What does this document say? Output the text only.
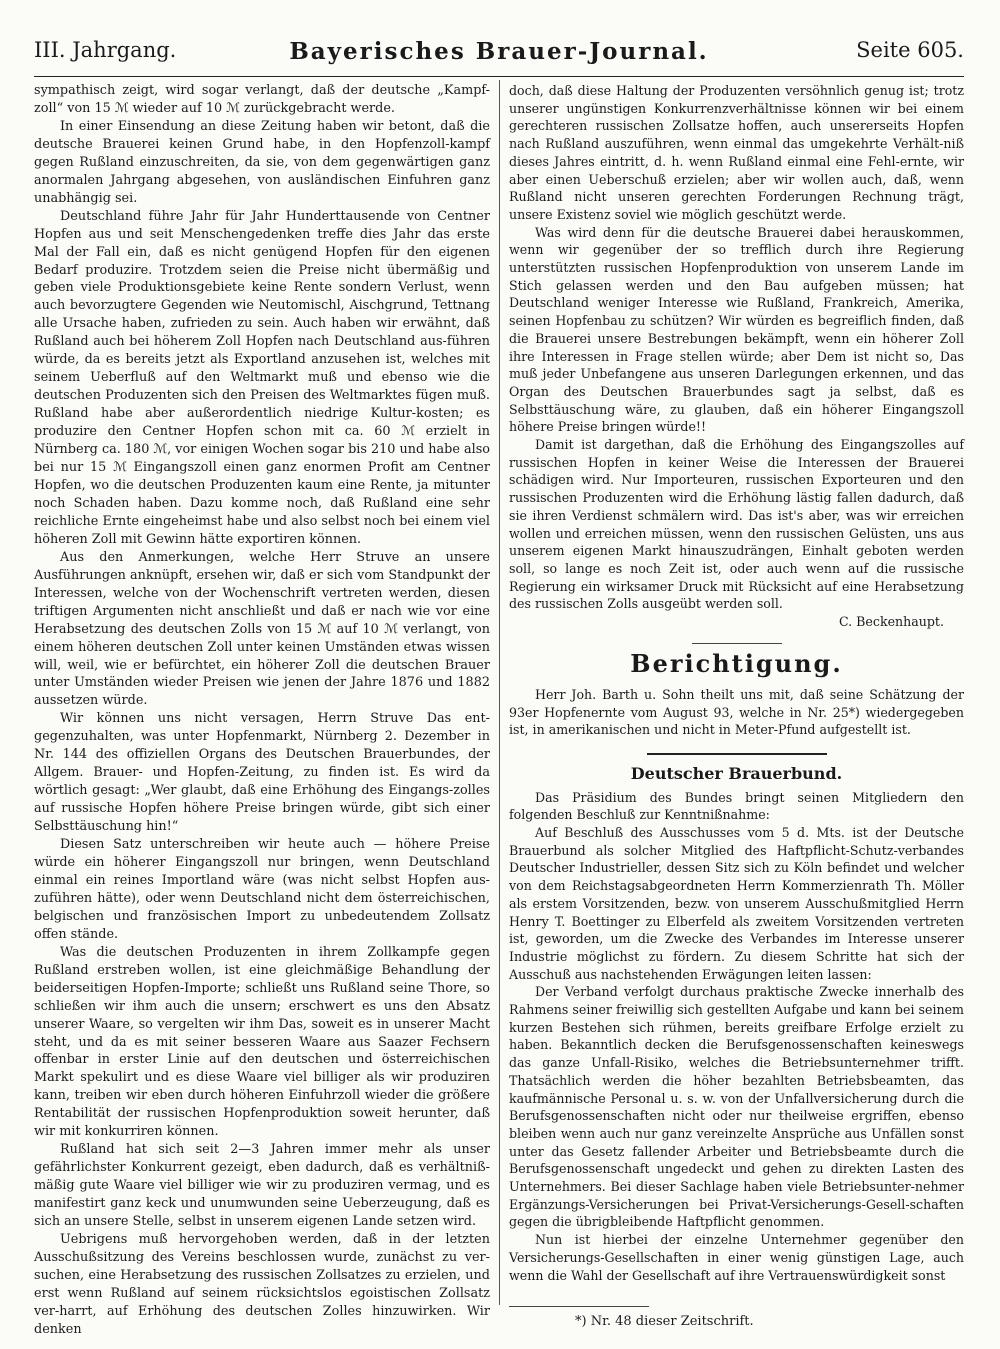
III. Jahrgang.	Bayerisches Brauer-Journal.	Seite 605.

sympathisch zeigt, wird sogar verlangt, daß der deutsche „Kampf-zoll“ von 15 ℳ wieder auf 10 ℳ zurückgebracht werde.

In einer Einsendung an diese Zeitung haben wir betont, daß die deutsche Brauerei keinen Grund habe, in den Hopfenzoll-kampf gegen Rußland einzuschreiten, da sie, von dem gegenwärtigen ganz anormalen Jahrgang abgesehen, von ausländischen Einfuhren ganz unabhängig sei.

Deutschland führe Jahr für Jahr Hunderttausende von Centner Hopfen aus und seit Menschengedenken treffe dies Jahr das erste Mal der Fall ein, daß es nicht genügend Hopfen für den eigenen Bedarf produzire. Trotzdem seien die Preise nicht übermäßig und geben viele Produktionsgebiete keine Rente sondern Verlust, wenn auch bevorzugtere Gegenden wie Neutomischl, Aischgrund, Tettnang alle Ursache haben, zufrieden zu sein. Auch haben wir erwähnt, daß Rußland auch bei höherem Zoll Hopfen nach Deutschland aus-führen würde, da es bereits jetzt als Exportland anzusehen ist, welches mit seinem Ueberfluß auf den Weltmarkt muß und ebenso wie die deutschen Produzenten sich den Preisen des Weltmarktes fügen muß. Rußland habe aber außerordentlich niedrige Kultur-kosten; es produzire den Centner Hopfen schon mit ca. 60 ℳ erzielt in Nürnberg ca. 180 ℳ, vor einigen Wochen sogar bis 210 und habe also bei nur 15 ℳ Eingangszoll einen ganz enormen Profit am Centner Hopfen, wo die deutschen Produzenten kaum eine Rente, ja mitunter noch Schaden haben. Dazu komme noch, daß Rußland eine sehr reichliche Ernte eingeheimst habe und also selbst noch bei einem viel höheren Zoll mit Gewinn hätte exportiren können.

Aus den Anmerkungen, welche Herr Struve an unsere Ausführungen anknüpft, ersehen wir, daß er sich vom Standpunkt der Interessen, welche von der Wochenschrift vertreten werden, diesen triftigen Argumenten nicht anschließt und daß er nach wie vor eine Herabsetzung des deutschen Zolls von 15 ℳ auf 10 ℳ verlangt, von einem höheren deutschen Zoll unter keinen Umständen etwas wissen will, weil, wie er befürchtet, ein höherer Zoll die deutschen Brauer unter Umständen wieder Preisen wie jenen der Jahre 1876 und 1882 aussetzen würde.

Wir können uns nicht versagen, Herrn Struve Das ent-gegenzuhalten, was unter Hopfenmarkt, Nürnberg 2. Dezember in Nr. 144 des offiziellen Organs des Deutschen Brauerbundes, der Allgem. Brauer- und Hopfen-Zeitung, zu finden ist. Es wird da wörtlich gesagt: „Wer glaubt, daß eine Erhöhung des Eingangs-zolles auf russische Hopfen höhere Preise bringen würde, gibt sich einer Selbsttäuschung hin!“

Diesen Satz unterschreiben wir heute auch — höhere Preise würde ein höherer Eingangszoll nur bringen, wenn Deutschland einmal ein reines Importland wäre (was nicht selbst Hopfen aus-zuführen hätte), oder wenn Deutschland nicht dem österreichischen, belgischen und französischen Import zu unbedeutendem Zollsatz offen stände.

Was die deutschen Produzenten in ihrem Zollkampfe gegen Rußland erstreben wollen, ist eine gleichmäßige Behandlung der beiderseitigen Hopfen-Importe; schließt uns Rußland seine Thore, so schließen wir ihm auch die unsern; erschwert es uns den Absatz unserer Waare, so vergelten wir ihm Das, soweit es in unserer Macht steht, und da es mit seiner besseren Waare aus Saazer Fechsern offenbar in erster Linie auf den deutschen und österreichischen Markt spekulirt und es diese Waare viel billiger als wir produziren kann, treiben wir eben durch höheren Einfuhrzoll wieder die größere Rentabilität der russischen Hopfenproduktion soweit herunter, daß wir mit konkurriren können.

Rußland hat sich seit 2—3 Jahren immer mehr als unser gefährlichster Konkurrent gezeigt, eben dadurch, daß es verhältniß-mäßig gute Waare viel billiger wie wir zu produziren vermag, und es manifestirt ganz keck und unumwunden seine Ueberzeugung, daß es sich an unsere Stelle, selbst in unserem eigenen Lande setzen wird.

Uebrigens muß hervorgehoben werden, daß in der letzten Ausschußsitzung des Vereins beschlossen wurde, zunächst zu ver-suchen, eine Herabsetzung des russischen Zollsatzes zu erzielen, und erst wenn Rußland auf seinem rücksichtslos egoistischen Zollsatz ver-harrt, auf Erhöhung des deutschen Zolles hinzuwirken. Wir denken

doch, daß diese Haltung der Produzenten versöhnlich genug ist; trotz unserer ungünstigen Konkurrenzverhältnisse können wir bei einem gerechteren russischen Zollsatze hoffen, auch unsererseits Hopfen nach Rußland auszuführen, wenn einmal das umgekehrte Verhält-niß dieses Jahres eintritt, d. h. wenn Rußland einmal eine Fehl-ernte, wir aber einen Ueberschuß erzielen; aber wir wollen auch, daß, wenn Rußland nicht unseren gerechten Forderungen Rechnung trägt, unsere Existenz soviel wie möglich geschützt werde.

Was wird denn für die deutsche Brauerei dabei herauskommen, wenn wir gegenüber der so trefflich durch ihre Regierung unterstützten russischen Hopfenproduktion von unserem Lande im Stich gelassen werden und den Bau aufgeben müssen; hat Deutschland weniger Interesse wie Rußland, Frankreich, Amerika, seinen Hopfenbau zu schützen? Wir würden es begreiflich finden, daß die Brauerei unsere Bestrebungen bekämpft, wenn ein höherer Zoll ihre Interessen in Frage stellen würde; aber Dem ist nicht so, Das muß jeder Unbefangene aus unseren Darlegungen erkennen, und das Organ des Deutschen Brauerbundes sagt ja selbst, daß es Selbsttäuschung wäre, zu glauben, daß ein höherer Eingangszoll höhere Preise bringen würde!!

Damit ist dargethan, daß die Erhöhung des Eingangszolles auf russischen Hopfen in keiner Weise die Interessen der Brauerei schädigen wird. Nur Importeuren, russischen Exporteuren und den russischen Produzenten wird die Erhöhung lästig fallen dadurch, daß sie ihren Verdienst schmälern wird. Das ist's aber, was wir erreichen wollen und erreichen müssen, wenn den russischen Gelüsten, uns aus unserem eigenen Markt hinauszudrängen, Einhalt geboten werden soll, so lange es noch Zeit ist, oder auch wenn auf die russische Regierung ein wirksamer Druck mit Rücksicht auf eine Herabsetzung des russischen Zolls ausgeübt werden soll.

C. Beckenhaupt.

Berichtigung.

Herr Joh. Barth u. Sohn theilt uns mit, daß seine Schätzung der 93er Hopfenernte vom August 93, welche in Nr. 25*) wiedergegeben ist, in amerikanischen und nicht in Meter-Pfund aufgestellt ist.

Deutscher Brauerbund.

Das Präsidium des Bundes bringt seinen Mitgliedern den folgenden Beschluß zur Kenntnißnahme:

Auf Beschluß des Ausschusses vom 5 d. Mts. ist der Deutsche Brauerbund als solcher Mitglied des Haftpflicht-Schutz-verbandes Deutscher Industrieller, dessen Sitz sich zu Köln befindet und welcher von dem Reichstagsabgeordneten Herrn Kommerzienrath Th. Möller als erstem Vorsitzenden, bezw. von unserem Ausschußmitglied Herrn Henry T. Boettinger zu Elberfeld als zweitem Vorsitzenden vertreten ist, geworden, um die Zwecke des Verbandes im Interesse unserer Industrie möglichst zu fördern. Zu diesem Schritte hat sich der Ausschuß aus nachstehenden Erwägungen leiten lassen:

Der Verband verfolgt durchaus praktische Zwecke innerhalb des Rahmens seiner freiwillig sich gestellten Aufgabe und kann bei seinem kurzen Bestehen sich rühmen, bereits greifbare Erfolge erzielt zu haben. Bekanntlich decken die Berufsgenossenschaften keineswegs das ganze Unfall-Risiko, welches die Betriebsunternehmer trifft. Thatsächlich werden die höher bezahlten Betriebsbeamten, das kaufmännische Personal u. s. w. von der Unfallversicherung durch die Berufsgenossenschaften nicht oder nur theilweise ergriffen, ebenso bleiben wenn auch nur ganz vereinzelte Ansprüche aus Unfällen sonst unter das Gesetz fallender Arbeiter und Betriebsbeamte durch die Berufsgenossenschaft ungedeckt und gehen zu direkten Lasten des Unternehmers. Bei dieser Sachlage haben viele Betriebsunter-nehmer Ergänzungs-Versicherungen bei Privat-Versicherungs-Gesell-schaften gegen die übrigbleibende Haftpflicht genommen.

Nun ist hierbei der einzelne Unternehmer gegenüber den Versicherungs-Gesellschaften in einer wenig günstigen Lage, auch wenn die Wahl der Gesellschaft auf ihre Vertrauenswürdigkeit sonst

*) Nr. 48 dieser Zeitschrift.
